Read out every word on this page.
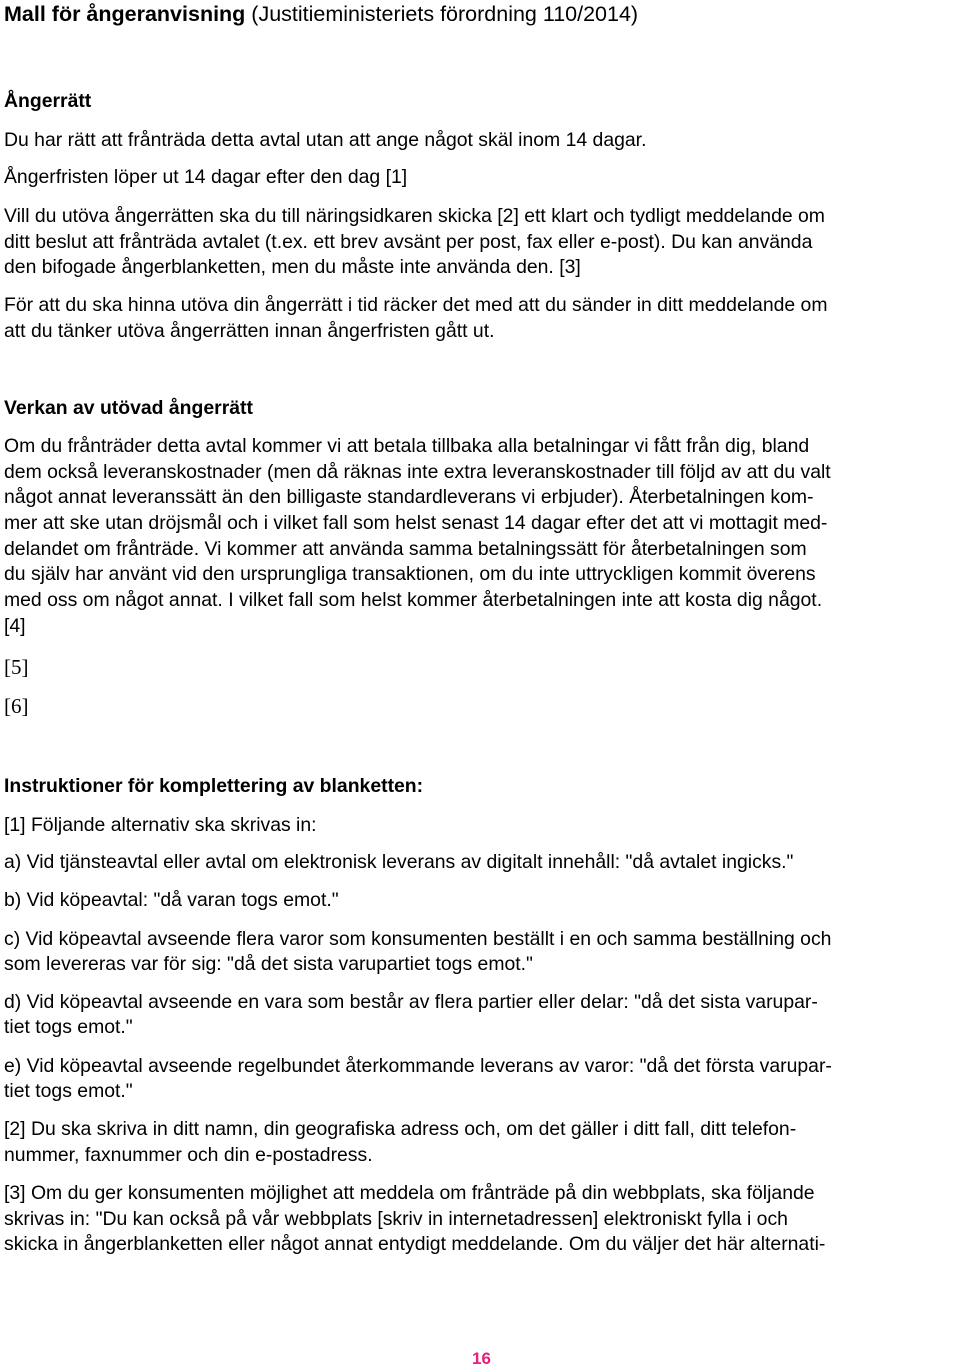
Mall för ångeranvisning (Justitieministeriets förordning 110/2014)
Ångerrätt
Du har rätt att frånträda detta avtal utan att ange något skäl inom 14 dagar.
Ångerfristen löper ut 14 dagar efter den dag [1]
Vill du utöva ångerrätten ska du till näringsidkaren skicka [2] ett klart och tydligt meddelande om
ditt beslut att frånträda avtalet (t.ex. ett brev avsänt per post, fax eller e-post). Du kan använda
den bifogade ångerblanketten, men du måste inte använda den. [3]
För att du ska hinna utöva din ångerrätt i tid räcker det med att du sänder in ditt meddelande om
att du tänker utöva ångerrätten innan ångerfristen gått ut.
Verkan av utövad ångerrätt
Om du frånträder detta avtal kommer vi att betala tillbaka alla betalningar vi fått från dig, bland
dem också leveranskostnader (men då räknas inte extra leveranskostnader till följd av att du valt
något annat leveranssätt än den billigaste standardleverans vi erbjuder). Återbetalningen kom-
mer att ske utan dröjsmål och i vilket fall som helst senast 14 dagar efter det att vi mottagit med-
delandet om frånträde. Vi kommer att använda samma betalningssätt för återbetalningen som
du själv har använt vid den ursprungliga transaktionen, om du inte uttryckligen kommit överens
med oss om något annat. I vilket fall som helst kommer återbetalningen inte att kosta dig något.
[4]
[5]
[6]
Instruktioner för komplettering av blanketten:
[1] Följande alternativ ska skrivas in:
a) Vid tjänsteavtal eller avtal om elektronisk leverans av digitalt innehåll: "då avtalet ingicks."
b) Vid köpeavtal: "då varan togs emot."
c) Vid köpeavtal avseende flera varor som konsumenten beställt i en och samma beställning och
som levereras var för sig: "då det sista varupartiet togs emot."
d) Vid köpeavtal avseende en vara som består av flera partier eller delar: "då det sista varupar-
tiet togs emot."
e) Vid köpeavtal avseende regelbundet återkommande leverans av varor: "då det första varupar-
tiet togs emot."
[2] Du ska skriva in ditt namn, din geografiska adress och, om det gäller i ditt fall, ditt telefon-
nummer, faxnummer och din e-postadress.
[3] Om du ger konsumenten möjlighet att meddela om frånträde på din webbplats, ska följande
skrivas in: "Du kan också på vår webbplats [skriv in internetadressen] elektroniskt fylla i och
skicka in ångerblanketten eller något annat entydigt meddelande. Om du väljer det här alternati-
16
